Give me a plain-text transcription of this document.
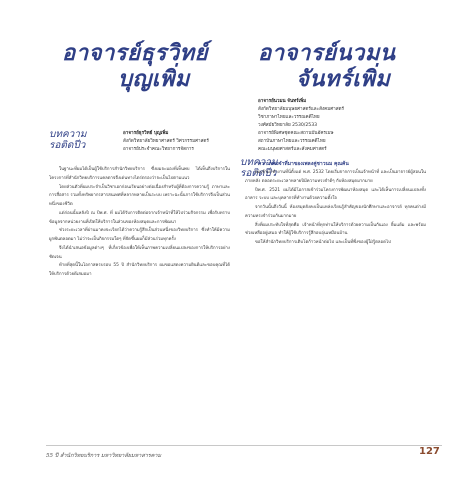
อาจารย์ธุรวิทย์
บุญเพิ่ม
อาจารย์นวมน
จันทร์เพิ่ม
บทความ
รอติดปีว
บทความ
รอติดปีว
อาจารย์ธุรวิทย์ บุญเพิ่ม
สังกัดวิทยาลัยวิทยาศาสตร์ วิศวกรรมศาสตร์
อาจารย์ประจำคณะวิทยาการจัดการ
อาจารย์นวมน จันทร์เพิ่ม
สังกัดวิทยาลัยมนุษยศาสตร์และสังคมศาสตร์
วิชาภาษาไทยและวรรณคดีไทย
วงศ์สมัยวิทยาลัย 2530/2533
อาจารย์พิเศษชุดคณะสถานบันอัครเมษ
สถาบันภาษาไทยและวรรณคดีไทย
คณะมนุษยศาสตร์และสังคมศาสตร์
ความทรงจำที่มาของเพลงคู่ชาวนม คุณค้น

ในฐานะที่ผมได้เป็นผู้ใช้บริการสำนักวิทยบริการ ซึ่งผมจะมองที่เห็นพบ ได้เห็นถึงบริการในโครงการที่สำนักวิทยบริการแคลตาจจึงเด่นทางไตร่ตรองว่าจะเป็นไปตามแนว

โดยส่วนตัวที่ผมประจำเป็นวิชาเอกก่อนเรียนอย่างต่อเนื่องสำหรับผู้ที่ต้องการความรู้ ภาษาและการสื่อสาร รวมทั้งทรัพยากรสารสนเทศที่หลากหลายเป็นระบบ เพราะฉะนั้นการใช้บริการจึงเป็นส่วนหนึ่งของชีวิต

แต่ก่อนนั้นหลังปี ณ ปีพ.ศ. ที่ ผมได้รับการติดต่อจากเจ้าหน้าที่ให้ไปร่วมกิจกรรม เพื่อรับทราบข้อมูลจากหน่วยงานที่เปิดให้บริการในส่วนของห้องสมุดและการพัฒนา

ช่วงระยะเวลาที่ผ่านมาคงจะเรียกได้ว่าความรู้สึกเป็นส่วนหนึ่งของวิทยบริการ ซึ่งทำให้มีความผูกพันตลอดมา ไม่ว่าจะเป็นกิจกรรมใดๆ ที่จัดขึ้นผมก็มีส่วนร่วมทุกครั้ง

จึงได้นำเสนอข้อมูลต่างๆ ที่เกี่ยวข้องเพื่อให้เห็นภาพความเปลี่ยนแปลงของการให้บริการอย่างชัดเจน

ท้ายที่สุดนี้ในโอกาสครบรอบ 55 ปี สำนักวิทยบริการ ผมขอแสดงความยินดีและขอบคุณที่ได้ให้บริการด้วยดีเสมอมา

ผมเข้ามาทำงานที่นี่ตั้งแต่ พ.ศ. 2532 โดยเริ่มจากการเป็นเจ้าหน้าที่ และเป็นอาจารย์ผู้สอนในภายหลัง ตลอดระยะเวลาหลายปีมีความทรงจำดีๆ กับห้องสมุดมากมาย

ปีพ.ศ. 2521 ผมได้มีโอกาสเข้าร่วมโครงการพัฒนาห้องสมุด และได้เห็นการเปลี่ยนแปลงทั้งอาคาร ระบบ และบุคลากรที่ทำงานด้วยความตั้งใจ

จากวันนั้นถึงวันนี้ ห้องสมุดยังคงเป็นแหล่งเรียนรู้สำคัญของนักศึกษาและอาจารย์ ทุกคนต่างมีความทรงจำร่วมกันมากมาย

สิ่งที่ผมประทับใจที่สุดคือ เจ้าหน้าที่ทุกท่านให้บริการด้วยความเป็นกันเอง ยิ้มแย้ม และพร้อมช่วยเหลืออยู่เสมอ ทำให้ผู้ใช้บริการรู้สึกอบอุ่นเหมือนบ้าน

ขอให้สำนักวิทยบริการเติบโตก้าวหน้าต่อไป และเป็นที่พึ่งของผู้ใฝ่รู้ตลอดไป

55 ปี สำนักวิทยบริการ มหาวิทยาลัยมหาสารคาม	127
